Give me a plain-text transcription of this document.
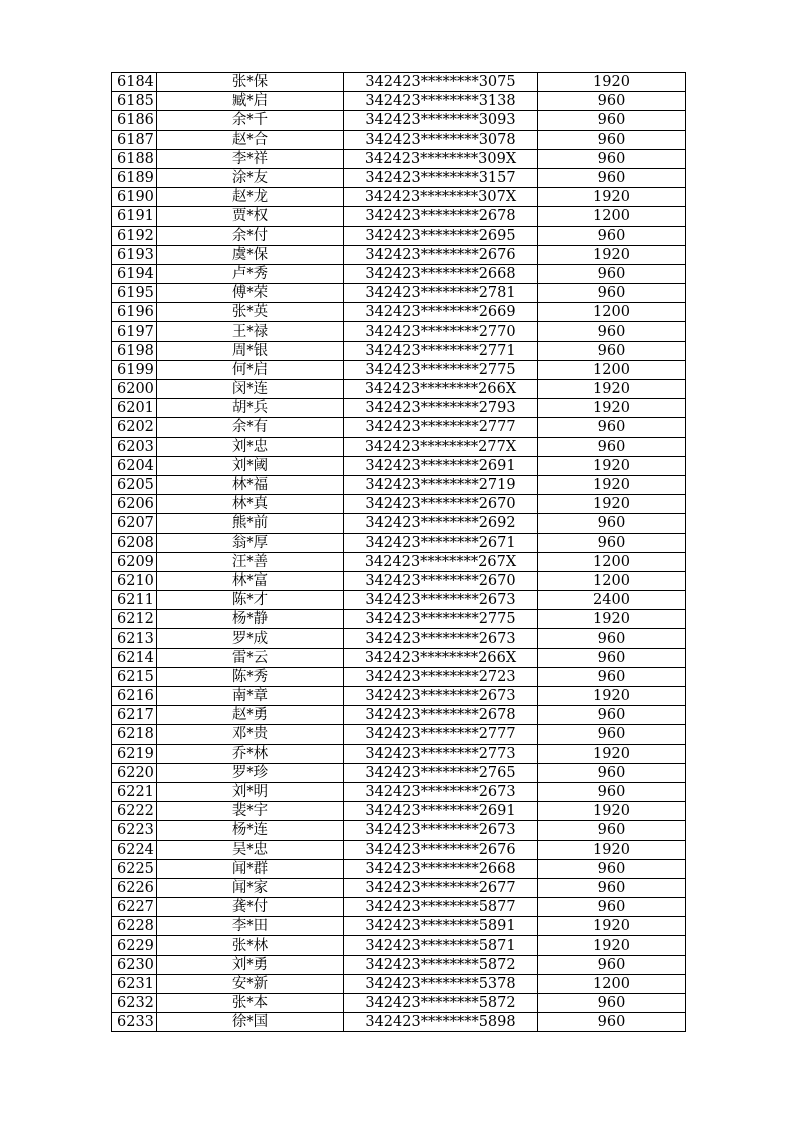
6184	张*保	342423********3075	1920
6185	臧*启	342423********3138	960
6186	余*千	342423********3093	960
6187	赵*合	342423********3078	960
6188	李*祥	342423********309X	960
6189	涂*友	342423********3157	960
6190	赵*龙	342423********307X	1920
6191	贾*权	342423********2678	1200
6192	余*付	342423********2695	960
6193	虞*保	342423********2676	1920
6194	卢*秀	342423********2668	960
6195	傅*荣	342423********2781	960
6196	张*英	342423********2669	1200
6197	王*禄	342423********2770	960
6198	周*银	342423********2771	960
6199	何*启	342423********2775	1200
6200	闵*连	342423********266X	1920
6201	胡*兵	342423********2793	1920
6202	余*有	342423********2777	960
6203	刘*忠	342423********277X	960
6204	刘*阈	342423********2691	1920
6205	林*福	342423********2719	1920
6206	林*真	342423********2670	1920
6207	熊*前	342423********2692	960
6208	翁*厚	342423********2671	960
6209	汪*善	342423********267X	1200
6210	林*富	342423********2670	1200
6211	陈*才	342423********2673	2400
6212	杨*静	342423********2775	1920
6213	罗*成	342423********2673	960
6214	雷*云	342423********266X	960
6215	陈*秀	342423********2723	960
6216	南*章	342423********2673	1920
6217	赵*勇	342423********2678	960
6218	邓*贵	342423********2777	960
6219	乔*林	342423********2773	1920
6220	罗*珍	342423********2765	960
6221	刘*明	342423********2673	960
6222	裴*宇	342423********2691	1920
6223	杨*连	342423********2673	960
6224	吴*忠	342423********2676	1920
6225	闻*群	342423********2668	960
6226	闻*家	342423********2677	960
6227	龚*付	342423********5877	960
6228	李*田	342423********5891	1920
6229	张*林	342423********5871	1920
6230	刘*勇	342423********5872	960
6231	安*新	342423********5378	1200
6232	张*本	342423********5872	960
6233	徐*国	342423********5898	960
